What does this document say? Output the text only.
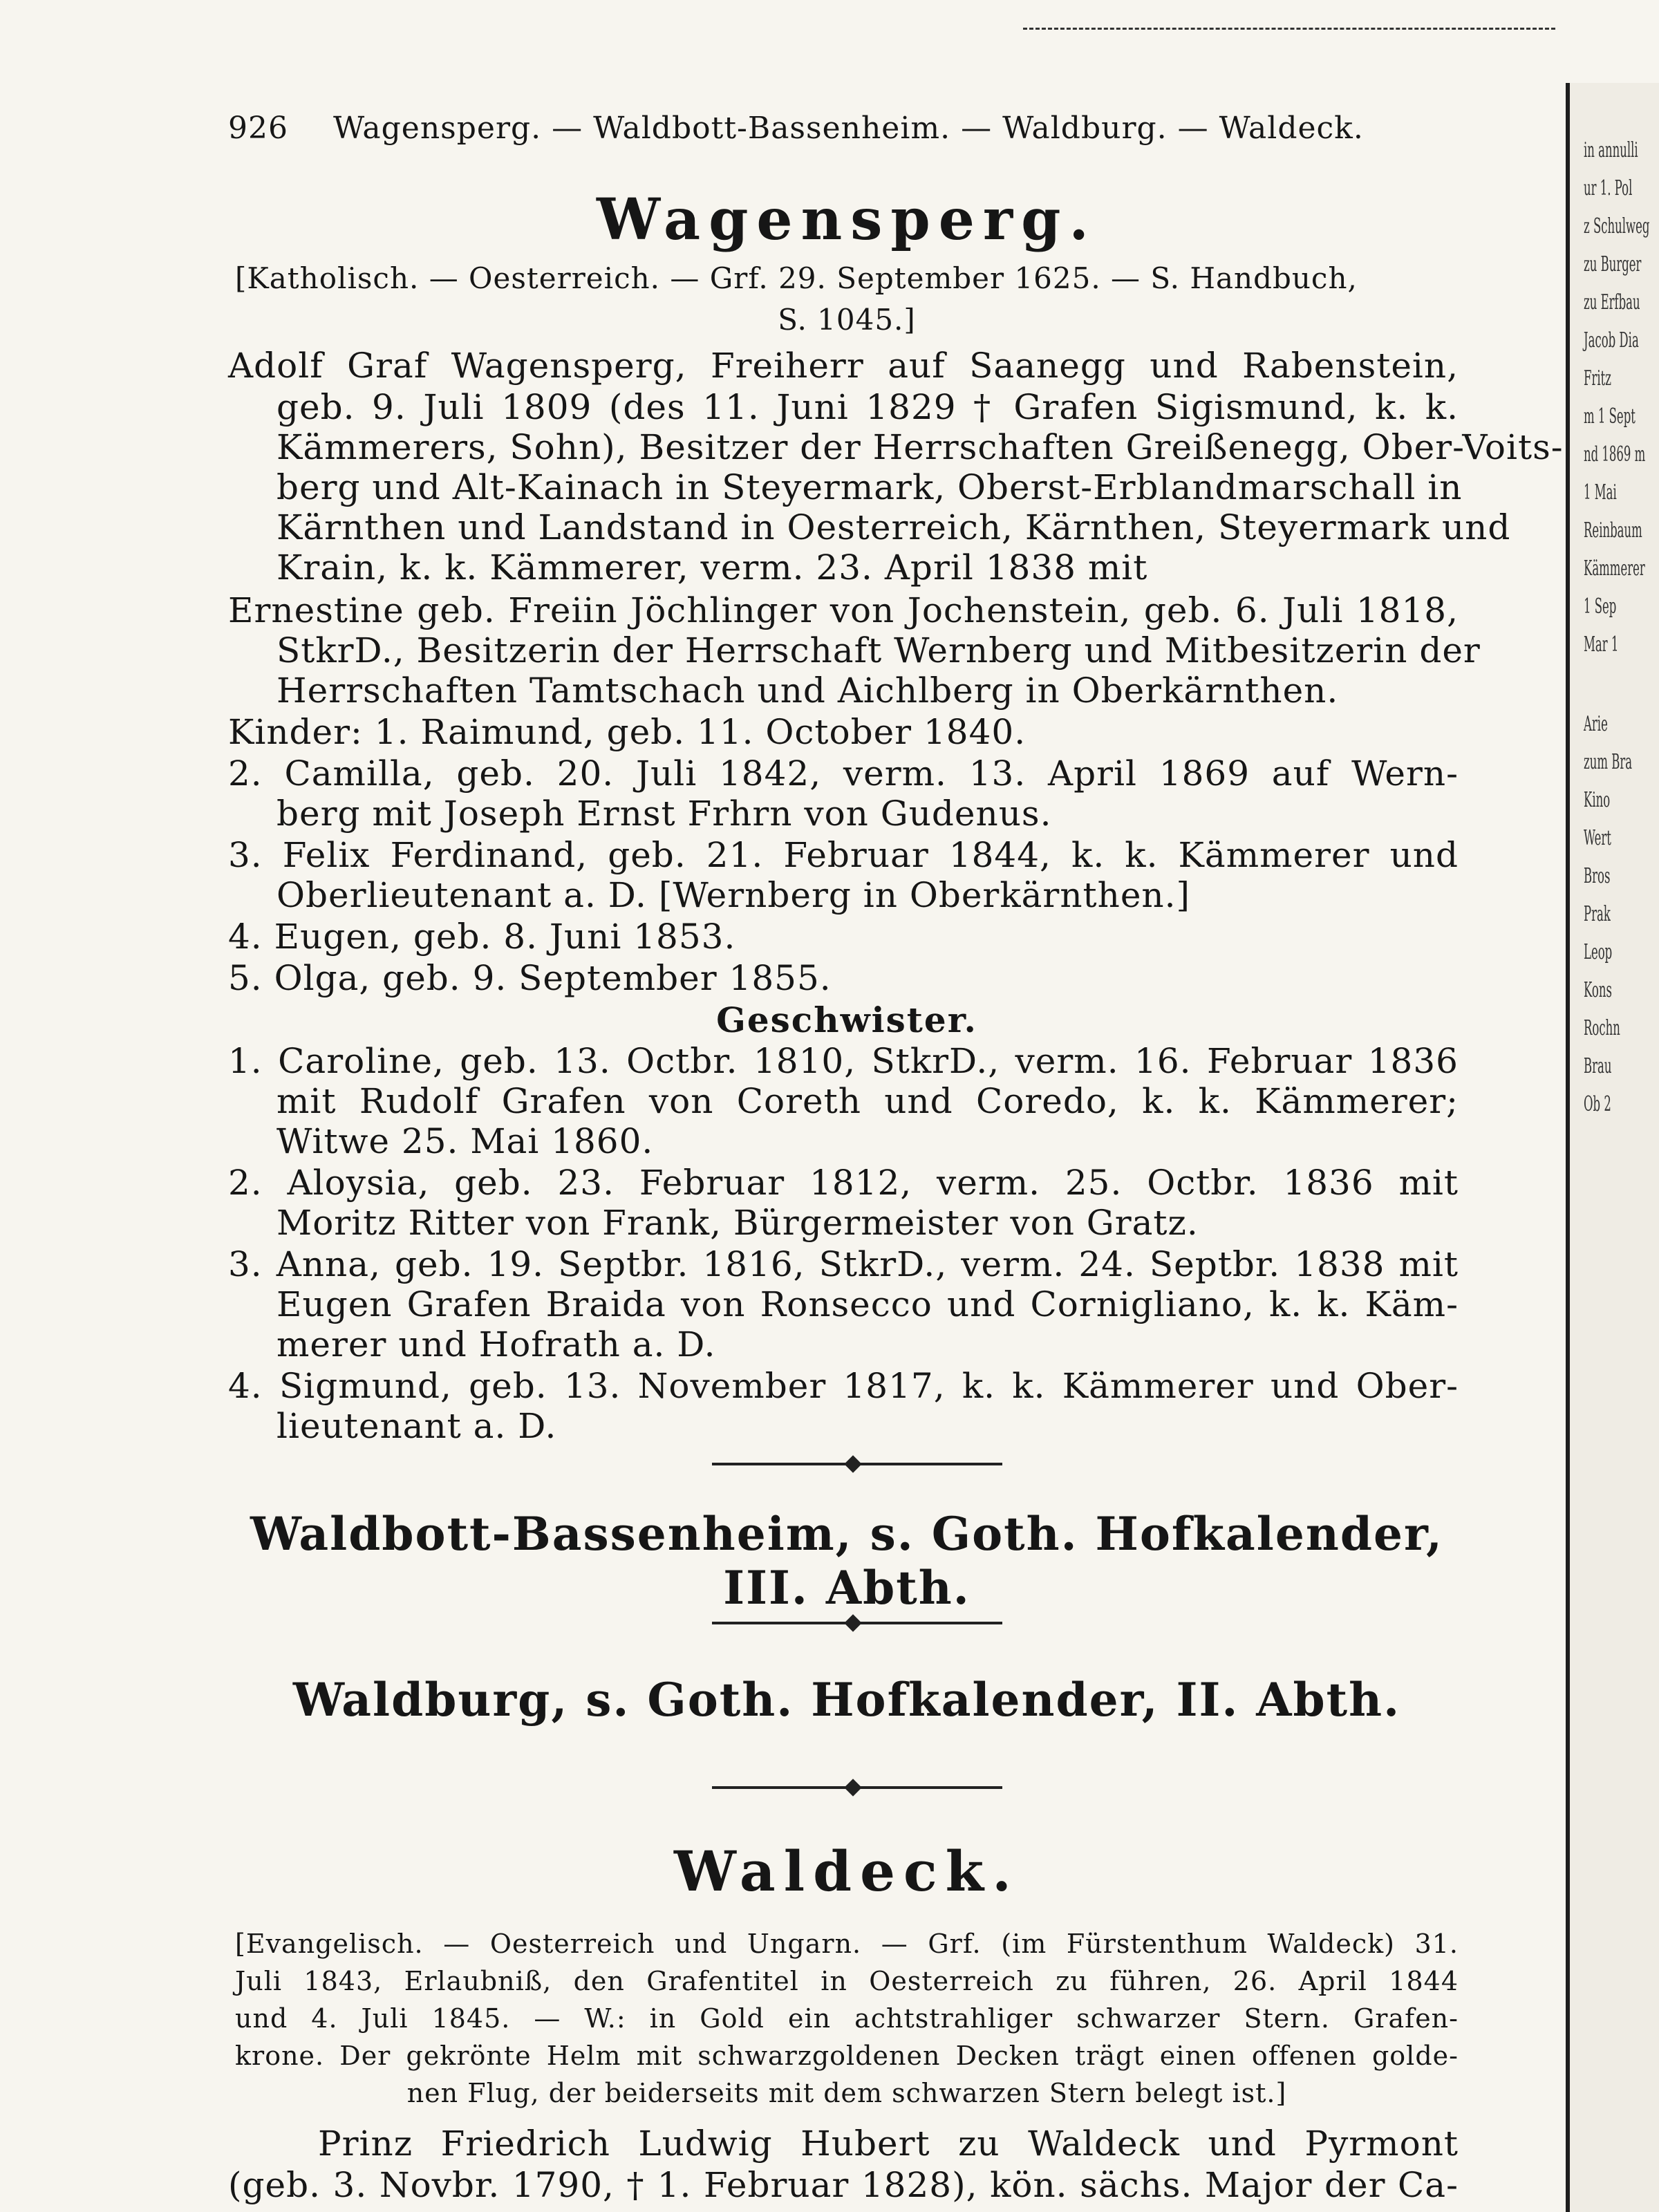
926 Wagensperg. — Waldbott-Bassenheim. — Waldburg. — Waldeck.
Wagensperg.
[Katholisch. — Oesterreich. — Grf. 29. September 1625. — S. Handbuch,
S. 1045.]
Adolf Graf Wagensperg, Freiherr auf Saanegg und Rabenstein,
geb. 9. Juli 1809 (des 11. Juni 1829 † Grafen Sigismund, k. k.
Kämmerers, Sohn), Besitzer der Herrschaften Greißenegg, Ober-Voits-
berg und Alt-Kainach in Steyermark, Oberst-Erblandmarschall in
Kärnthen und Landstand in Oesterreich, Kärnthen, Steyermark und
Krain, k. k. Kämmerer, verm. 23. April 1838 mit
Ernestine geb. Freiin Jöchlinger von Jochenstein, geb. 6. Juli 1818,
StkrD., Besitzerin der Herrschaft Wernberg und Mitbesitzerin der
Herrschaften Tamtschach und Aichlberg in Oberkärnthen.
Kinder: 1. Raimund, geb. 11. October 1840.
2. Camilla, geb. 20. Juli 1842, verm. 13. April 1869 auf Wern-
berg mit Joseph Ernst Frhrn von Gudenus.
3. Felix Ferdinand, geb. 21. Februar 1844, k. k. Kämmerer und
Oberlieutenant a. D. [Wernberg in Oberkärnthen.]
4. Eugen, geb. 8. Juni 1853.
5. Olga, geb. 9. September 1855.
Geschwister.
1. Caroline, geb. 13. Octbr. 1810, StkrD., verm. 16. Februar 1836
mit Rudolf Grafen von Coreth und Coredo, k. k. Kämmerer;
Witwe 25. Mai 1860.
2. Aloysia, geb. 23. Februar 1812, verm. 25. Octbr. 1836 mit
Moritz Ritter von Frank, Bürgermeister von Gratz.
3. Anna, geb. 19. Septbr. 1816, StkrD., verm. 24. Septbr. 1838 mit
Eugen Grafen Braida von Ronsecco und Cornigliano, k. k. Käm-
merer und Hofrath a. D.
4. Sigmund, geb. 13. November 1817, k. k. Kämmerer und Ober-
lieutenant a. D.
Waldbott-Bassenheim, s. Goth. Hofkalender, III. Abth.
Waldburg, s. Goth. Hofkalender, II. Abth.
Waldeck.
[Evangelisch. — Oesterreich und Ungarn. — Grf. (im Fürstenthum Waldeck) 31.
Juli 1843, Erlaubniß, den Grafentitel in Oesterreich zu führen, 26. April 1844
und 4. Juli 1845. — W.: in Gold ein achtstrahliger schwarzer Stern. Grafen-
krone. Der gekrönte Helm mit schwarzgoldenen Decken trägt einen offenen golde-
nen Flug, der beiderseits mit dem schwarzen Stern belegt ist.]
Prinz Friedrich Ludwig Hubert zu Waldeck und Pyrmont
(geb. 3. Novbr. 1790, † 1. Februar 1828), kön. sächs. Major der Ca-
in annulli
ur 1. Pol
z Schulweg
zu Burger
zu Erfbau
Jacob Dia
Fritz
m 1 Sept
nd 1869 m
1 Mai
Reinbaum
Kämmerer
1 Sep
Mar 1
Arie
zum Bra
Kino
Wert
Bros
Prak
Leop
Kons
Rochn
Brau
Ob 2
